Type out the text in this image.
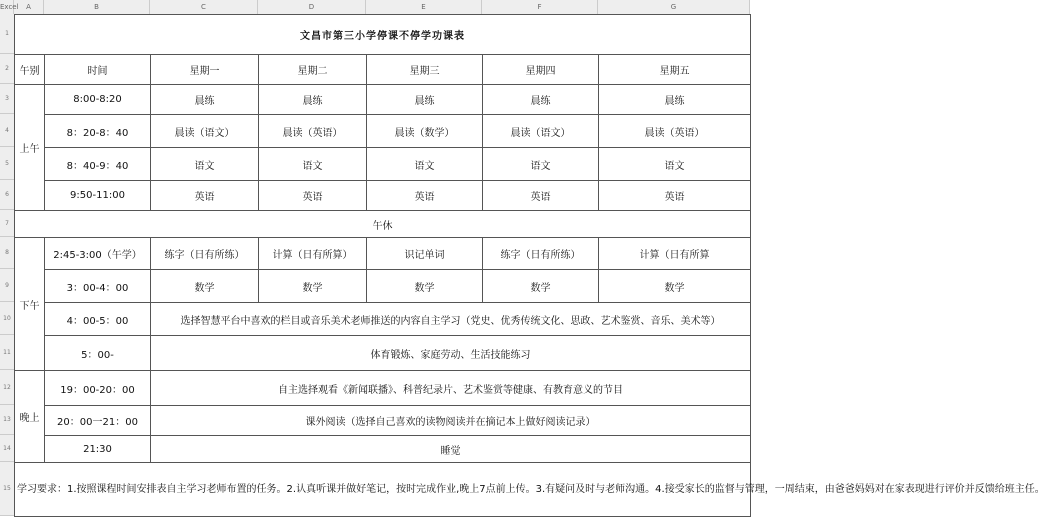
Excel	A	B	C	D	E	F	G
1
2
3
4
5
6
7
8
9
10
11
12
13
14
15
文昌市第三小学停课不停学功课表						
午别	时间	星期一	星期二	星期三	星期四	星期五
上午	8:00-8:20	晨练	晨练	晨练	晨练	晨练
	8：20-8：40	晨读（语文）	晨读（英语）	晨读（数学）	晨读（语文）	晨读（英语）
	8：40-9：40	语文	语文	语文	语文	语文
	9:50-11:00	英语	英语	英语	英语	英语
午休						
下午	2:45-3:00（午学）	练字（日有所练）	计算（日有所算）	识记单词	练字（日有所练）	计算（日有所算
	3：00-4：00	数学	数学	数学	数学	数学
	4：00-5：00	选择智慧平台中喜欢的栏目或音乐美术老师推送的内容自主学习（党史、优秀传统文化、思政、艺术鉴赏、音乐、美术等）				
	5：00-	体育锻炼、家庭劳动、生活技能练习				
晚上	19：00-20：00	自主选择观看《新闻联播》、科普纪录片、艺术鉴赏等健康、有教育意义的节目				
	20：00一21：00	课外阅读（选择自己喜欢的读物阅读并在摘记本上做好阅读记录）				
	21:30	睡觉				
学习要求：1.按照课程时间安排表自主学习老师布置的任务。2.认真听课并做好笔记，按时完成作业,晚上7点前上传。3.有疑问及时与老师沟通。4.接受家长的监督与管理，一周结束，由爸爸妈妈对在家表现进行评价并反馈给班主任。						
